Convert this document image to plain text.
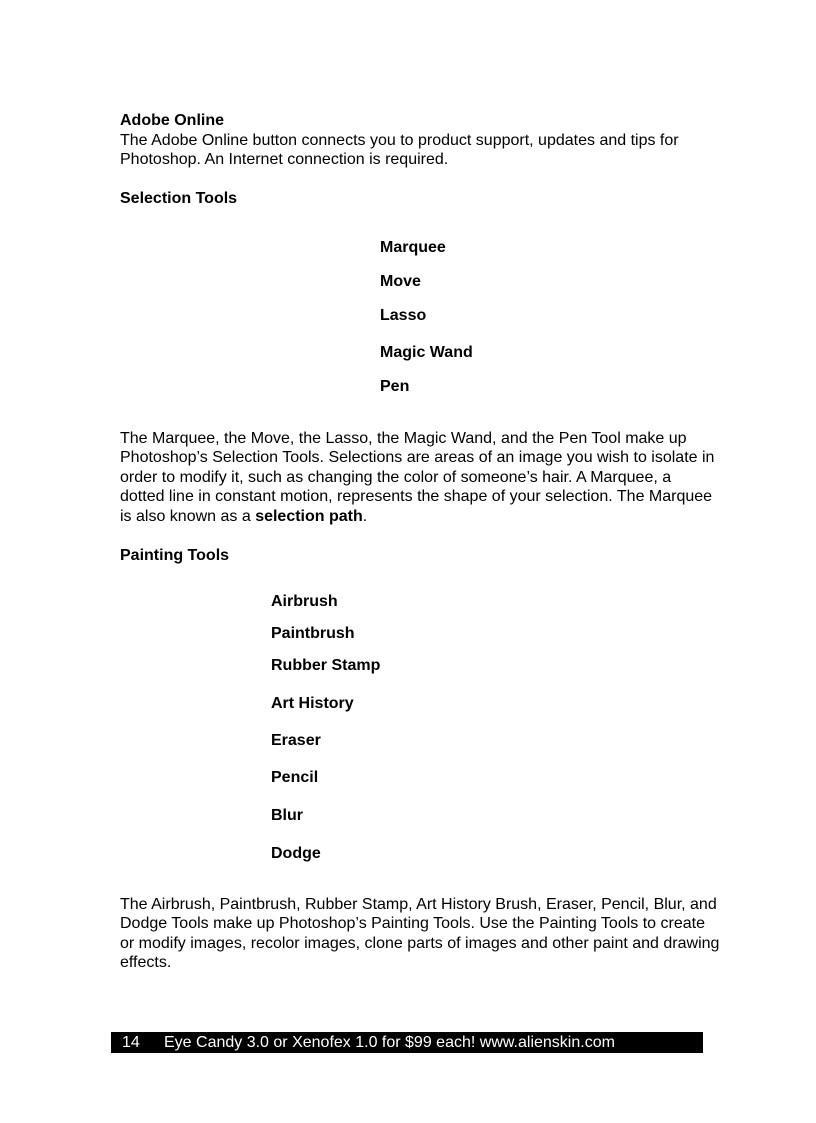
Adobe Online

The Adobe Online button connects you to product support, updates and tips for Photoshop. An Internet connection is required.

Selection Tools
Marquee
Move
Lasso
Magic Wand
Pen

The Marquee, the Move, the Lasso, the Magic Wand, and the Pen Tool make up Photoshop’s Selection Tools. Selections are areas of an image you wish to isolate in order to modify it, such as changing the color of someone’s hair. A Marquee, a dotted line in constant motion, represents the shape of your selection. The Marquee is also known as a selection path.

Painting Tools
Airbrush
Paintbrush
Rubber Stamp
Art History
Eraser
Pencil
Blur
Dodge

The Airbrush, Paintbrush, Rubber Stamp, Art History Brush, Eraser, Pencil, Blur, and Dodge Tools make up Photoshop’s Painting Tools. Use the Painting Tools to create or modify images, recolor images, clone parts of images and other paint and drawing effects.

14 Eye Candy 3.0 or Xenofex 1.0 for $99 each! www.alienskin.com
